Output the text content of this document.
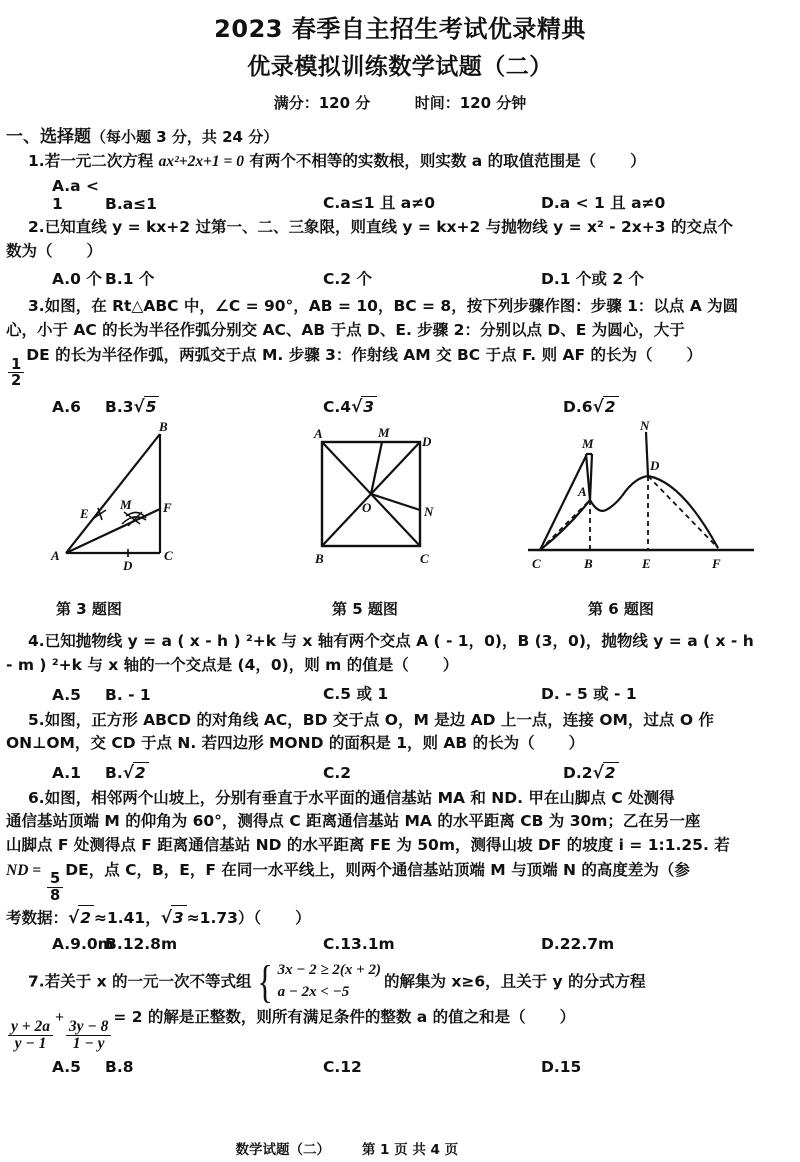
2023 春季自主招生考试优录精典
优录模拟训练数学试题（二）
满分：120 分	时间：120 分钟
一、选择题（每小题 3 分，共 24 分）
1.若一元二次方程 ax²+2x+1 = 0 有两个不相等的实数根，则实数 a 的取值范围是（ ）
A.a < 1	B.a≤1	C.a≤1 且 a≠0	D.a < 1 且 a≠0
2.已知直线 y = kx+2 过第一、二、三象限，则直线 y = kx+2 与抛物线 y = x² - 2x+3 的交点个
数为（ ）
A.0 个 B.1 个	C.2 个	D.1 个或 2 个
3.如图，在 Rt△ABC 中，∠C = 90°，AB = 10，BC = 8，按下列步骤作图：步骤 1：以点 A 为圆
心，小于 AC 的长为半径作弧分别交 AC、AB 于点 D、E. 步骤 2：分别以点 D、E 为圆心，大于
$\frac{1}{2}$
DE 的长为半径作弧，两弧交于点 M. 步骤 3：作射线 AM 交 BC 于点 F. 则 AF 的长为（ ）
A.6	B.3√5	C.4√3	D.6√2
A
B
C
D
E	F
M
A
D
B	C
M
N
O
M
N
A
D
C	B	E	F
第 3 题图	第 5 题图	第 6 题图
4.已知抛物线 y = a ( x - h ) ²+k 与 x 轴有两个交点 A ( - 1，0)，B (3，0)，抛物线 y = a ( x - h
- m ) ²+k 与 x 轴的一个交点是 (4，0)，则 m 的值是（ ）
A.5	B. - 1	C.5 或 1	D. - 5 或 - 1
5.如图，正方形 ABCD 的对角线 AC，BD 交于点 O，M 是边 AD 上一点，连接 OM，过点 O 作
ON⊥OM，交 CD 于点 N. 若四边形 MOND 的面积是 1，则 AB 的长为（ ）
A.1	B.√2	C.2	D.2√2
6.如图，相邻两个山坡上，分别有垂直于水平面的通信基站 MA 和 ND. 甲在山脚点 C 处测得
通信基站顶端 M 的仰角为 60°，测得点 C 距离通信基站 MA 的水平距离 CB 为 30m；乙在另一座
山脚点 F 处测得点 F 距离通信基站 ND 的水平距离 FE 为 50m，测得山坡 DF 的坡度 i = 1:1.25. 若
ND =
$\frac{5}{8}$
DE，点 C，B，E，F 在同一水平线上，则两个通信基站顶端 M 与顶端 N 的高度差为（参
考数据：√2 ≈1.41，√3 ≈1.73）（ ）
A.9.0m
B.12.8m	C.13.1m	D.22.7m
7.若关于 x 的一元一次不等式组 { 3x − 2 ≥ 2(x + 2)
a − 2x < −5
的解集为 x≥6，且关于 y 的分式方程
$\frac{y + 2a}{y - 1}$
+
$\frac{3y - 8}{1 - y}$
= 2 的解是正整数，则所有满足条件的整数 a 的值之和是（ ）
A.5	B.8	C.12	D.15
数学试题（二）	第 1 页 共 4 页
